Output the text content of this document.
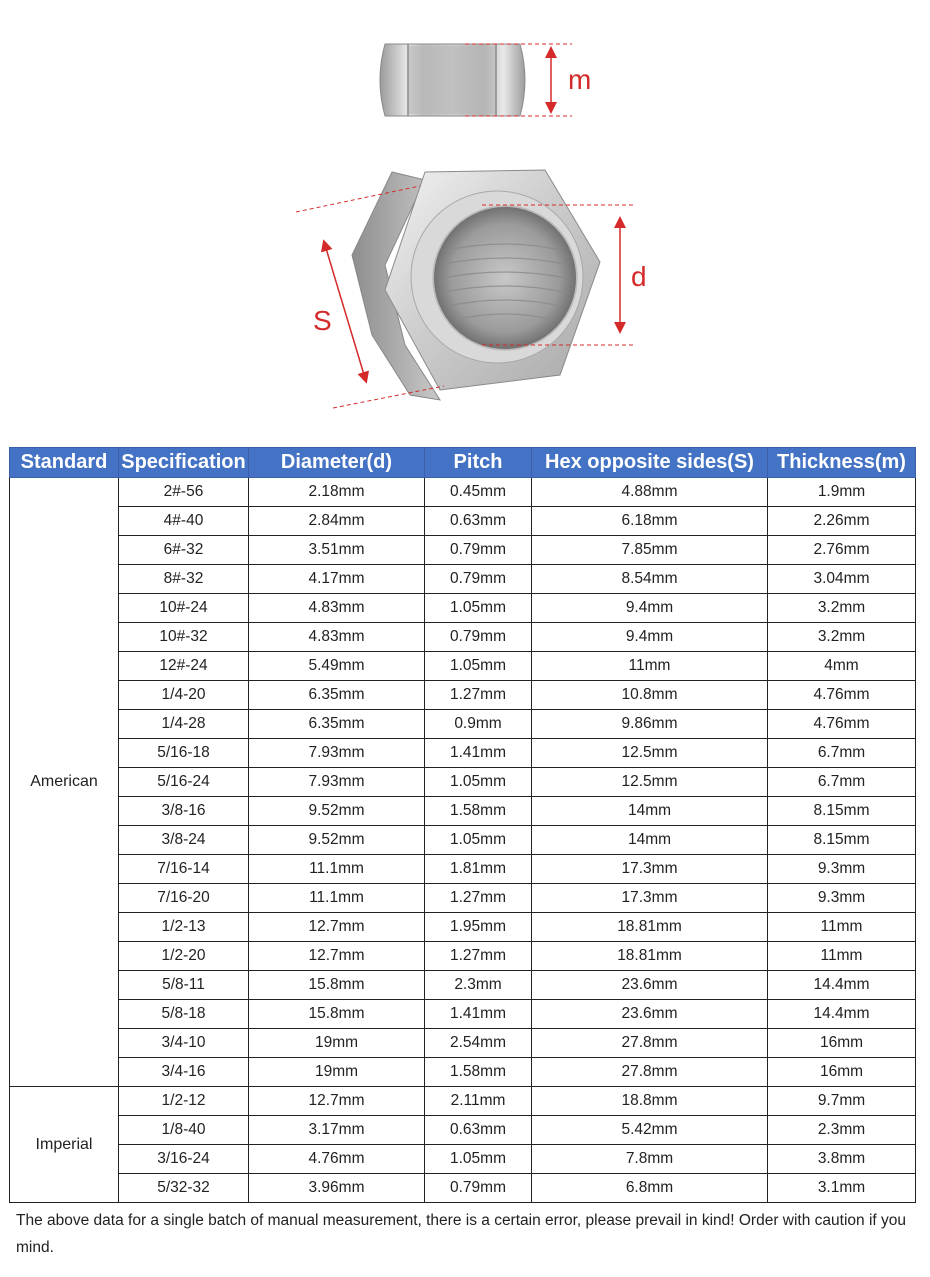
m
d
S
Standard	Specification	Diameter(d)	Pitch	Hex opposite sides(S)	Thickness(m)
American	2#-56	2.18mm	0.45mm	4.88mm	1.9mm
	4#-40	2.84mm	0.63mm	6.18mm	2.26mm
	6#-32	3.51mm	0.79mm	7.85mm	2.76mm
	8#-32	4.17mm	0.79mm	8.54mm	3.04mm
	10#-24	4.83mm	1.05mm	9.4mm	3.2mm
	10#-32	4.83mm	0.79mm	9.4mm	3.2mm
	12#-24	5.49mm	1.05mm	11mm	4mm
	1/4-20	6.35mm	1.27mm	10.8mm	4.76mm
	1/4-28	6.35mm	0.9mm	9.86mm	4.76mm
	5/16-18	7.93mm	1.41mm	12.5mm	6.7mm
	5/16-24	7.93mm	1.05mm	12.5mm	6.7mm
	3/8-16	9.52mm	1.58mm	14mm	8.15mm
	3/8-24	9.52mm	1.05mm	14mm	8.15mm
	7/16-14	11.1mm	1.81mm	17.3mm	9.3mm
	7/16-20	11.1mm	1.27mm	17.3mm	9.3mm
	1/2-13	12.7mm	1.95mm	18.81mm	11mm
	1/2-20	12.7mm	1.27mm	18.81mm	11mm
	5/8-11	15.8mm	2.3mm	23.6mm	14.4mm
	5/8-18	15.8mm	1.41mm	23.6mm	14.4mm
	3/4-10	19mm	2.54mm	27.8mm	16mm
	3/4-16	19mm	1.58mm	27.8mm	16mm
Imperial	1/2-12	12.7mm	2.11mm	18.8mm	9.7mm
	1/8-40	3.17mm	0.63mm	5.42mm	2.3mm
	3/16-24	4.76mm	1.05mm	7.8mm	3.8mm
	5/32-32	3.96mm	0.79mm	6.8mm	3.1mm
The above data for a single batch of manual measurement, there is a certain error, please prevail in kind! Order with caution if you mind.
